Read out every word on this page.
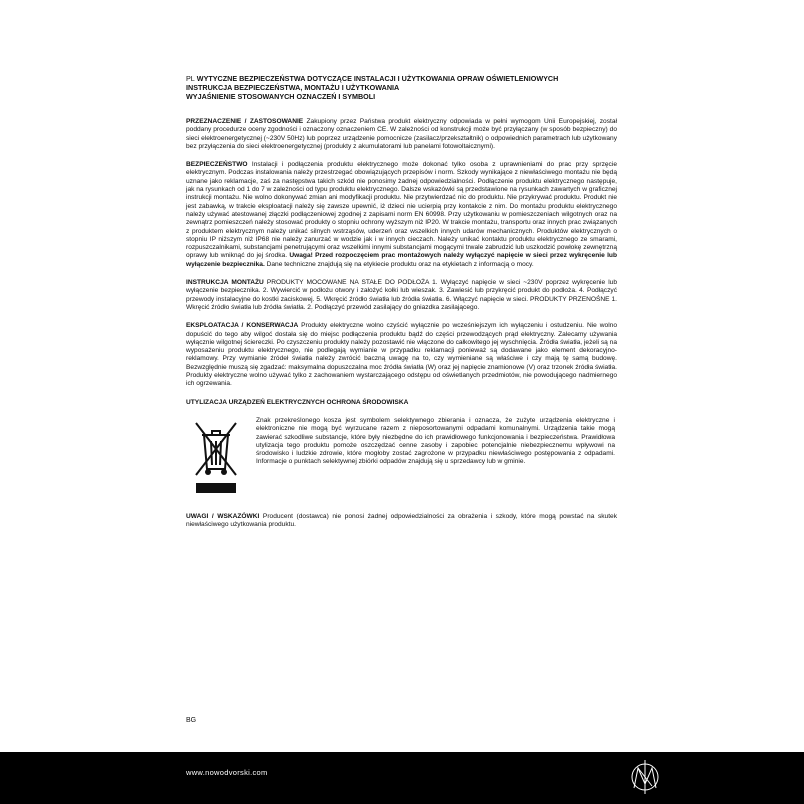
PL WYTYCZNE BEZPIECZEŃSTWA DOTYCZĄCE INSTALACJI I UŻYTKOWANIA OPRAW OŚWIETLENIOWYCH
INSTRUKCJA BEZPIECZEŃSTWA, MONTAŻU I UŻYTKOWANIA
WYJAŚNIENIE STOSOWANYCH OZNACZEŃ I SYMBOLI

PRZEZNACZENIE / ZASTOSOWANIE Zakupiony przez Państwa produkt elektryczny odpowiada w pełni wymogom Unii Europejskiej, został poddany procedurze oceny zgodności i oznaczony oznaczeniem CE. W zależności od konstrukcji może być przyłączany (w sposób bezpieczny) do sieci elektroenergetycznej (~230V 50Hz) lub poprzez urządzenie pomocnicze (zasilacz/przekształtnik) o odpowiednich parametrach lub użytkowany bez przyłączenia do sieci elektroenergetycznej (produkty z akumulatorami lub panelami fotowoltaicznymi).

BEZPIECZEŃSTWO Instalacji i podłączenia produktu elektrycznego może dokonać tylko osoba z uprawnieniami do prac przy sprzęcie elektrycznym. Podczas instalowania należy przestrzegać obowiązujących przepisów i norm. Szkody wynikające z niewłaściwego montażu nie będą uznane jako reklamacje, zaś za następstwa takich szkód nie ponosimy żadnej odpowiedzialności. Podłączenie produktu elektrycznego następuje, jak na rysunkach od 1 do 7 w zależności od typu produktu elektrycznego. Dalsze wskazówki są przedstawione na rysunkach zawartych w graficznej instrukcji montażu. Nie wolno dokonywać zmian ani modyfikacji produktu. Nie przytwierdzać nic do produktu. Nie przykrywać produktu. Produkt nie jest zabawką, w trakcie eksploatacji należy się zawsze upewnić, iż dzieci nie ucierpią przy kontakcie z nim. Do montażu produktu elektrycznego należy używać atestowanej złączki podłączeniowej zgodnej z zapisami norm EN 60998. Przy użytkowaniu w pomieszczeniach wilgotnych oraz na zewnątrz pomieszczeń należy stosować produkty o stopniu ochrony wyższym niż IP20. W trakcie montażu, transportu oraz innych prac związanych z produktem elektrycznym należy unikać silnych wstrząsów, uderzeń oraz wszelkich innych udarów mechanicznych. Produktów elektrycznych o stopniu IP niższym niż IP68 nie należy zanurzać w wodzie jak i w innych cieczach. Należy unikać kontaktu produktu elektrycznego ze smarami, rozpuszczalnikami, substancjami penetrującymi oraz wszelkimi innymi substancjami mogącymi trwale zabrudzić lub uszkodzić powłokę zewnętrzną oprawy lub wniknąć do jej środka. Uwaga! Przed rozpoczęciem prac montażowych należy wyłączyć napięcie w sieci przez wykręcenie lub wyłączenie bezpiecznika. Dane techniczne znajdują się na etykiecie produktu oraz na etykietach z informacją o mocy.

INSTRUKCJA MONTAŻU PRODUKTY MOCOWANE NA STAŁE DO PODŁOŻA 1. Wyłączyć napięcie w sieci ~230V poprzez wykręcenie lub wyłączenie bezpiecznika. 2. Wywiercić w podłożu otwory i założyć kołki lub wieszak. 3. Zawiesić lub przykręcić produkt do podłoża. 4. Podłączyć przewody instalacyjne do kostki zaciskowej. 5. Wkręcić źródło światła lub źródła światła. 6. Włączyć napięcie w sieci. PRODUKTY PRZENOŚNE 1. Wkręcić źródło światła lub źródła światła. 2. Podłączyć przewód zasilający do gniazdka zasilającego.

EKSPLOATACJA / KONSERWACJA Produkty elektryczne wolno czyścić wyłącznie po wcześniejszym ich wyłączeniu i ostudzeniu. Nie wolno dopuścić do tego aby wilgoć dostała się do miejsc podłączenia produktu bądź do części przewodzących prąd elektryczny. Zalecamy używania wyłącznie wilgotnej ściereczki. Po czyszczeniu produkty należy pozostawić nie włączone do całkowitego jej wyschnięcia. Źródła światła, jeżeli są na wyposażeniu produktu elektrycznego, nie podlegają wymianie w przypadku reklamacji ponieważ są dodawane jako element dekoracyjno-reklamowy. Przy wymianie źródeł światła należy zwrócić baczną uwagę na to, czy wymieniane są właściwe i czy mają tę samą budowę. Bezwzględnie muszą się zgadzać: maksymalna dopuszczalna moc źródła światła (W) oraz jej napięcie znamionowe (V) oraz trzonek źródła światła. Produkty elektryczne wolno używać tylko z zachowaniem wystarczającego odstępu od oświetlanych przedmiotów, nie powodującego nadmiernego ich ogrzewania.

UTYLIZACJA URZĄDZEŃ ELEKTRYCZNYCH OCHRONA ŚRODOWISKA
Znak przekreślonego kosza jest symbolem selektywnego zbierania i oznacza, że zużyte urządzenia elektryczne i elektroniczne nie mogą być wyrzucane razem z nieposortowanymi odpadami komunalnymi. Urządzenia takie mogą zawierać szkodliwe substancje, które były niezbędne do ich prawidłowego funkcjonowania i bezpieczeństwa. Prawidłowa utylizacja tego produktu pomoże oszczędzać cenne zasoby i zapobiec potencjalnie niebezpiecznemu wpływowi na środowisko i ludzkie zdrowie, które mogłoby zostać zagrożone w przypadku niewłaściwego postępowania z odpadami. Informacje o punktach selektywnej zbiórki odpadów znajdują się u sprzedawcy lub w gminie.

UWAGI / WSKAZÓWKI Producent (dostawca) nie ponosi żadnej odpowiedzialności za obrażenia i szkody, które mogą powstać na skutek niewłaściwego użytkowania produktu.

BG
www.nowodvorski.com
